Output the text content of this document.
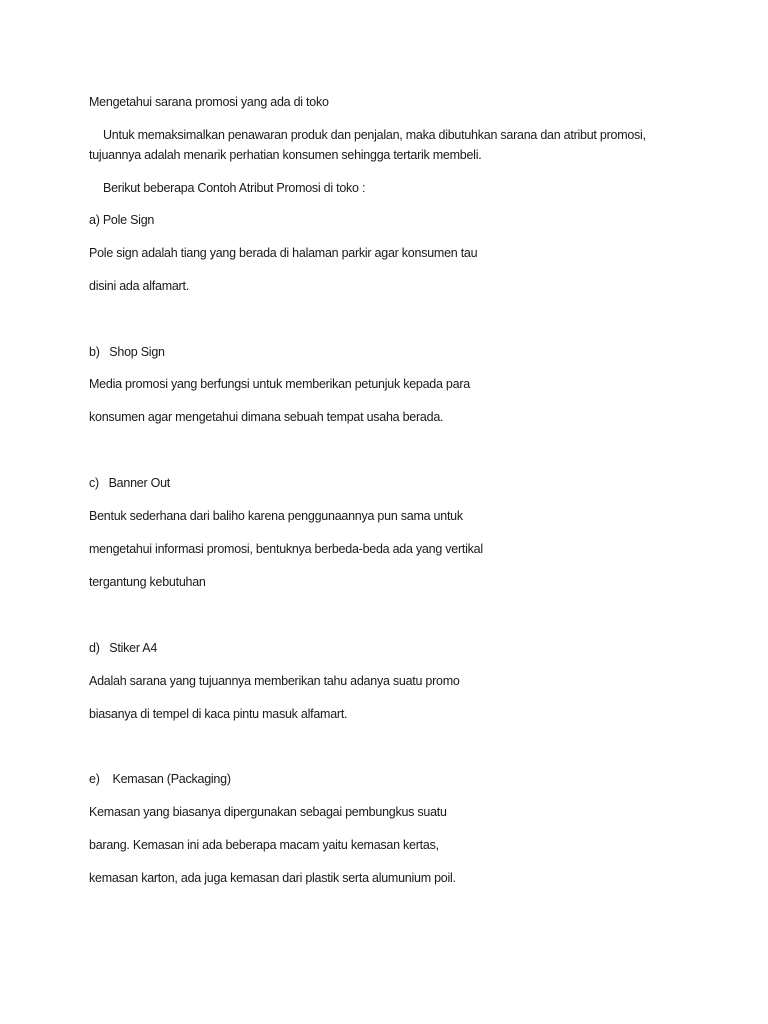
Mengetahui sarana promosi yang ada di toko
Untuk memaksimalkan penawaran produk dan penjalan, maka dibutuhkan sarana dan atribut promosi,
tujuannya adalah menarik perhatian konsumen sehingga tertarik membeli.
Berikut beberapa Contoh Atribut Promosi di toko :
a) Pole Sign
Pole sign adalah tiang yang berada di halaman parkir agar konsumen tau
disini ada alfamart.
b)   Shop Sign
Media promosi yang berfungsi untuk memberikan petunjuk kepada para
konsumen agar mengetahui dimana sebuah tempat usaha berada.
c)   Banner Out
Bentuk sederhana dari baliho karena penggunaannya pun sama untuk
mengetahui informasi promosi, bentuknya berbeda-beda ada yang vertikal
tergantung kebutuhan
d)   Stiker A4
Adalah sarana yang tujuannya memberikan tahu adanya suatu promo
biasanya di tempel di kaca pintu masuk alfamart.
e)    Kemasan (Packaging)
Kemasan yang biasanya dipergunakan sebagai pembungkus suatu
barang. Kemasan ini ada beberapa macam yaitu kemasan kertas,
kemasan karton, ada juga kemasan dari plastik serta alumunium poil.
